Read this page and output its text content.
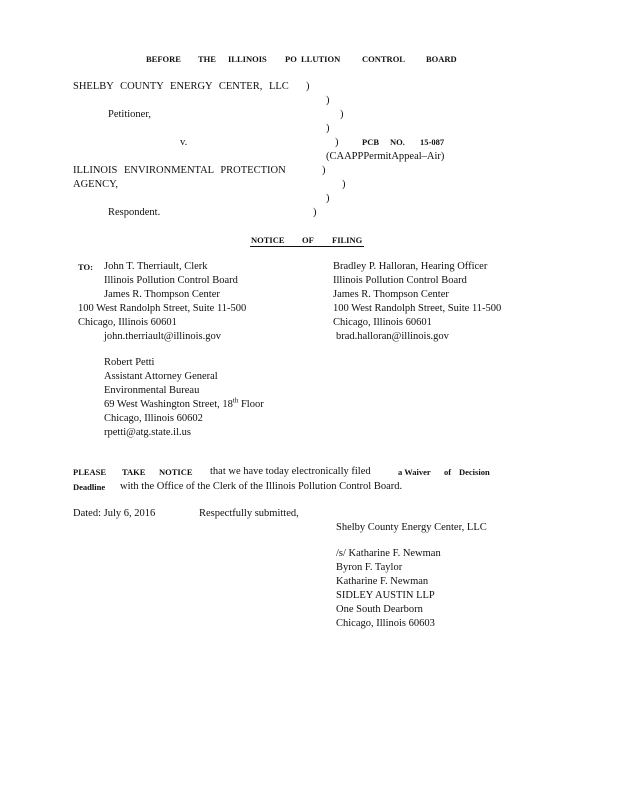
BEFORE THE ILLINOIS PO LLUTION	CONTROL BOARD
SHELBY COUNTY ENERGY CENTER, LLC )
)
Petitioner,	)
)
v.	)	PCB NO. 15-087
(CAAPPPermitAppeal–Air)
ILLINOIS ENVIRONMENTAL PROTECTION	)
AGENCY,	)
)
Respondent.	)
NOTICE OF FILING
TO: John T. Therriault, Clerk
Illinois Pollution Control Board
James R. Thompson Center
100 West Randolph Street, Suite 11-500
Chicago, Illinois 60601
john.therriault@illinois.gov
Bradley P. Halloran, Hearing Officer
Illinois Pollution Control Board
James R. Thompson Center
100 West Randolph Street, Suite 11-500
Chicago, Illinois 60601
brad.halloran@illinois.gov
Robert Petti
Assistant Attorney General
Environmental Bureau
69 West Washington Street, 18th Floor
Chicago, Illinois 60602
rpetti@atg.state.il.us
PLEASE TAKE NOTICE that we have today electronically filed	a Waiver of Decision
Deadline with the Office of the Clerk of the Illinois Pollution Control Board.
Dated: July 6, 2016	Respectfully submitted,
Shelby County Energy Center, LLC
/s/ Katharine F. Newman
Byron F. Taylor
Katharine F. Newman
SIDLEY AUSTIN LLP
One South Dearborn
Chicago, Illinois 60603
